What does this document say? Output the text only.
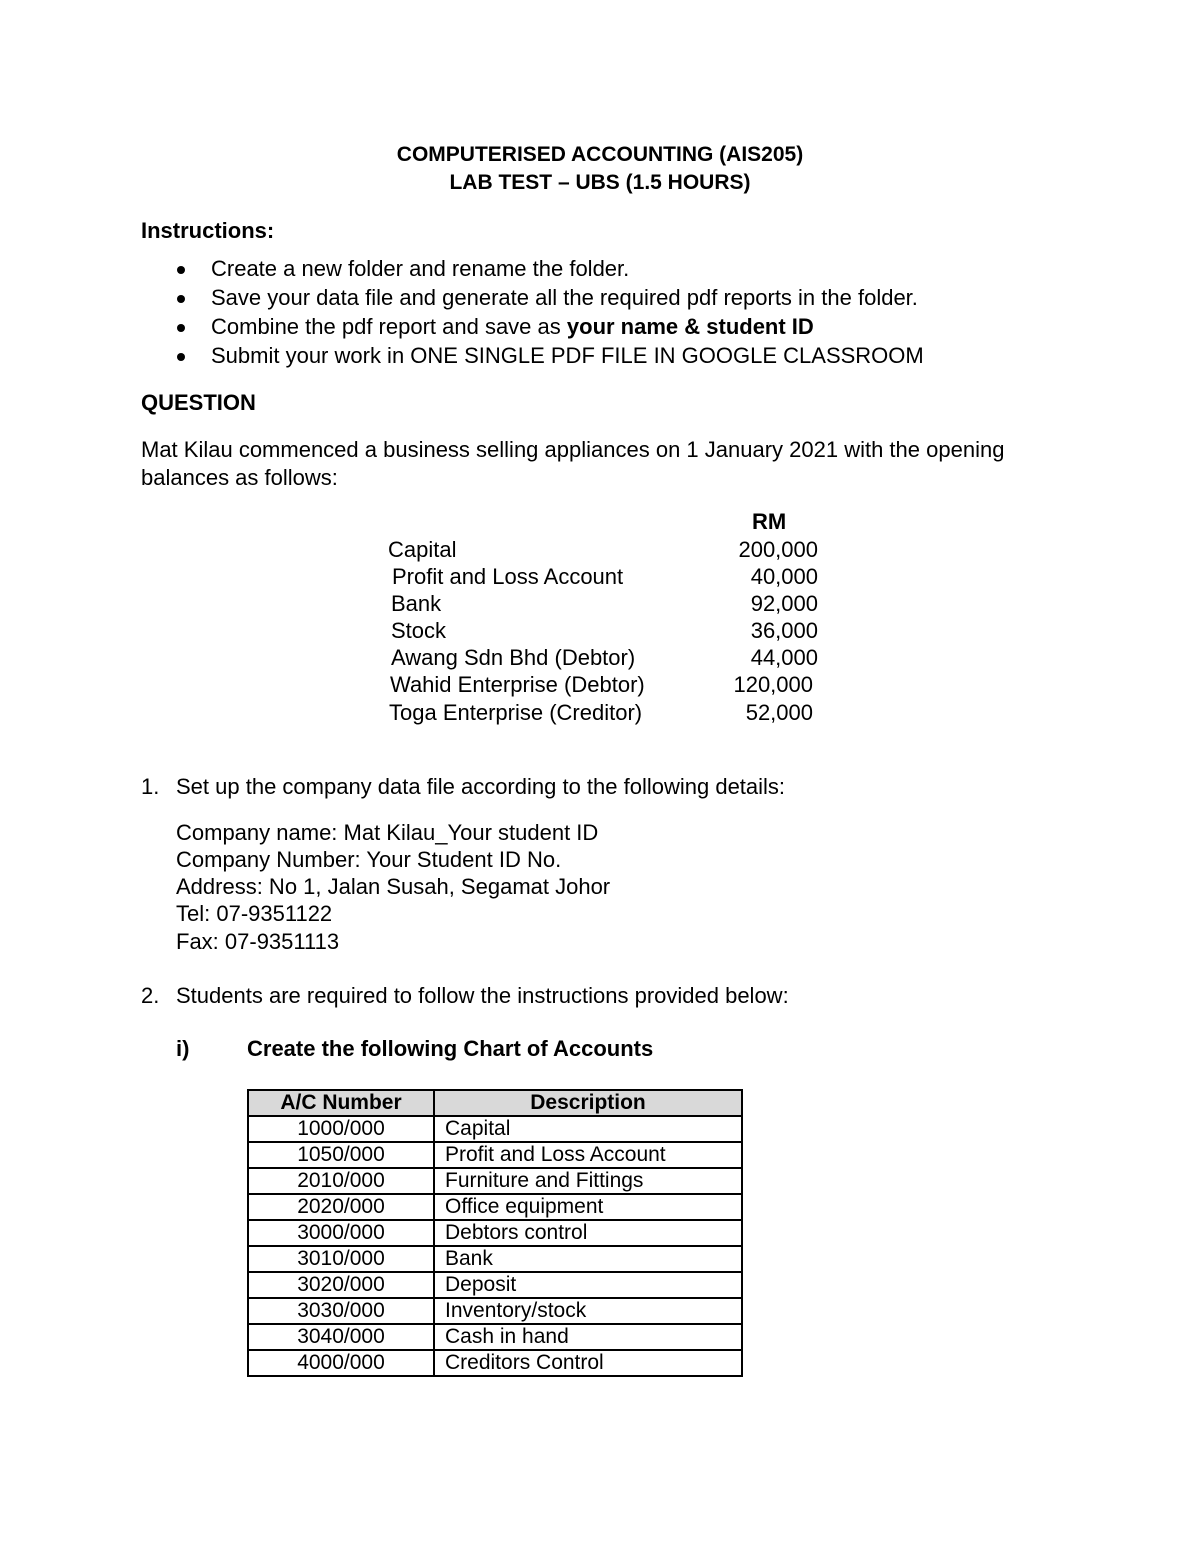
COMPUTERISED ACCOUNTING (AIS205)
LAB TEST – UBS (1.5 HOURS)
Instructions:
Create a new folder and rename the folder.
Save your data file and generate all the required pdf reports in the folder.
Combine the pdf report and save as your name & student ID
Submit your work in ONE SINGLE PDF FILE IN GOOGLE CLASSROOM
QUESTION
Mat Kilau commenced a business selling appliances on 1 January 2021 with the opening
balances as follows:
RM
Capital	200,000
Profit and Loss Account	40,000
Bank	92,000
Stock	36,000
Awang Sdn Bhd (Debtor)	44,000
Wahid Enterprise (Debtor)	120,000
Toga Enterprise (Creditor)	52,000
1. Set up the company data file according to the following details:
Company name: Mat Kilau_Your student ID
Company Number: Your Student ID No.
Address: No 1, Jalan Susah, Segamat Johor
Tel: 07-9351122
Fax: 07-9351113
2. Students are required to follow the instructions provided below:
i)	Create the following Chart of Accounts
A/C Number	Description
1000/000	Capital
1050/000	Profit and Loss Account
2010/000	Furniture and Fittings
2020/000	Office equipment
3000/000	Debtors control
3010/000	Bank
3020/000	Deposit
3030/000	Inventory/stock
3040/000	Cash in hand
4000/000	Creditors Control
